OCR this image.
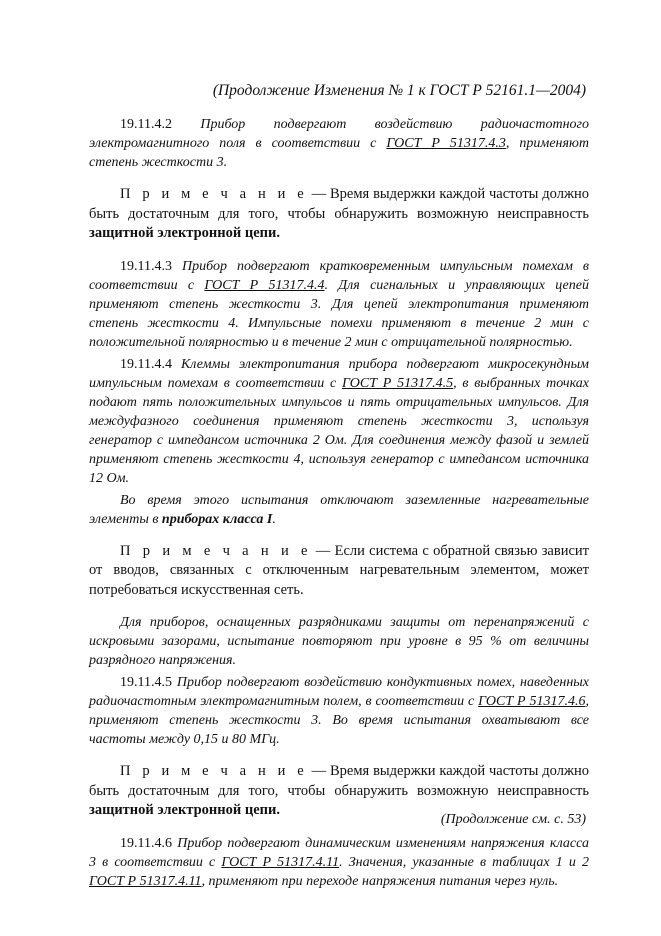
(Продолжение Изменения № 1 к ГОСТ Р 52161.1—2004)

19.11.4.2 Прибор подвергают воздействию радиочастотного электромагнитного поля в соответствии с ГОСТ Р 51317.4.3, применяют степень жесткости 3.

П р и м е ч а н и е — Время выдержки каждой частоты должно быть достаточным для того, чтобы обнаружить возможную неисправность защитной электронной цепи.

19.11.4.3 Прибор подвергают кратковременным импульсным помехам в соответствии с ГОСТ Р 51317.4.4. Для сигнальных и управляющих цепей применяют степень жесткости 3. Для цепей электропитания применяют степень жесткости 4. Импульсные помехи применяют в течение 2 мин с положительной полярностью и в течение 2 мин с отрицательной полярностью.

19.11.4.4 Клеммы электропитания прибора подвергают микросекундным импульсным помехам в соответствии с ГОСТ Р 51317.4.5, в выбранных точках подают пять положительных импульсов и пять отрицательных импульсов. Для междуфазного соединения применяют степень жесткости 3, используя генератор с импедансом источника 2 Ом. Для соединения между фазой и землей применяют степень жесткости 4, используя генератор с импедансом источника 12 Ом.

Во время этого испытания отключают заземленные нагревательные элементы в приборах класса I.

П р и м е ч а н и е — Если система с обратной связью зависит от вводов, связанных с отключенным нагревательным элементом, может потребоваться искусственная сеть.

Для приборов, оснащенных разрядниками защиты от перенапряжений с искровыми зазорами, испытание повторяют при уровне в 95 % от величины разрядного напряжения.

19.11.4.5 Прибор подвергают воздействию кондуктивных помех, наведенных радиочастотным электромагнитным полем, в соответствии с ГОСТ Р 51317.4.6, применяют степень жесткости 3. Во время испытания охватывают все частоты между 0,15 и 80 МГц.

П р и м е ч а н и е — Время выдержки каждой частоты должно быть достаточным для того, чтобы обнаружить возможную неисправность защитной электронной цепи.

19.11.4.6 Прибор подвергают динамическим изменениям напряжения класса 3 в соответствии с ГОСТ Р 51317.4.11. Значения, указанные в таблицах 1 и 2 ГОСТ Р 51317.4.11, применяют при переходе напряжения питания через нуль.

(Продолжение см. с. 53)
